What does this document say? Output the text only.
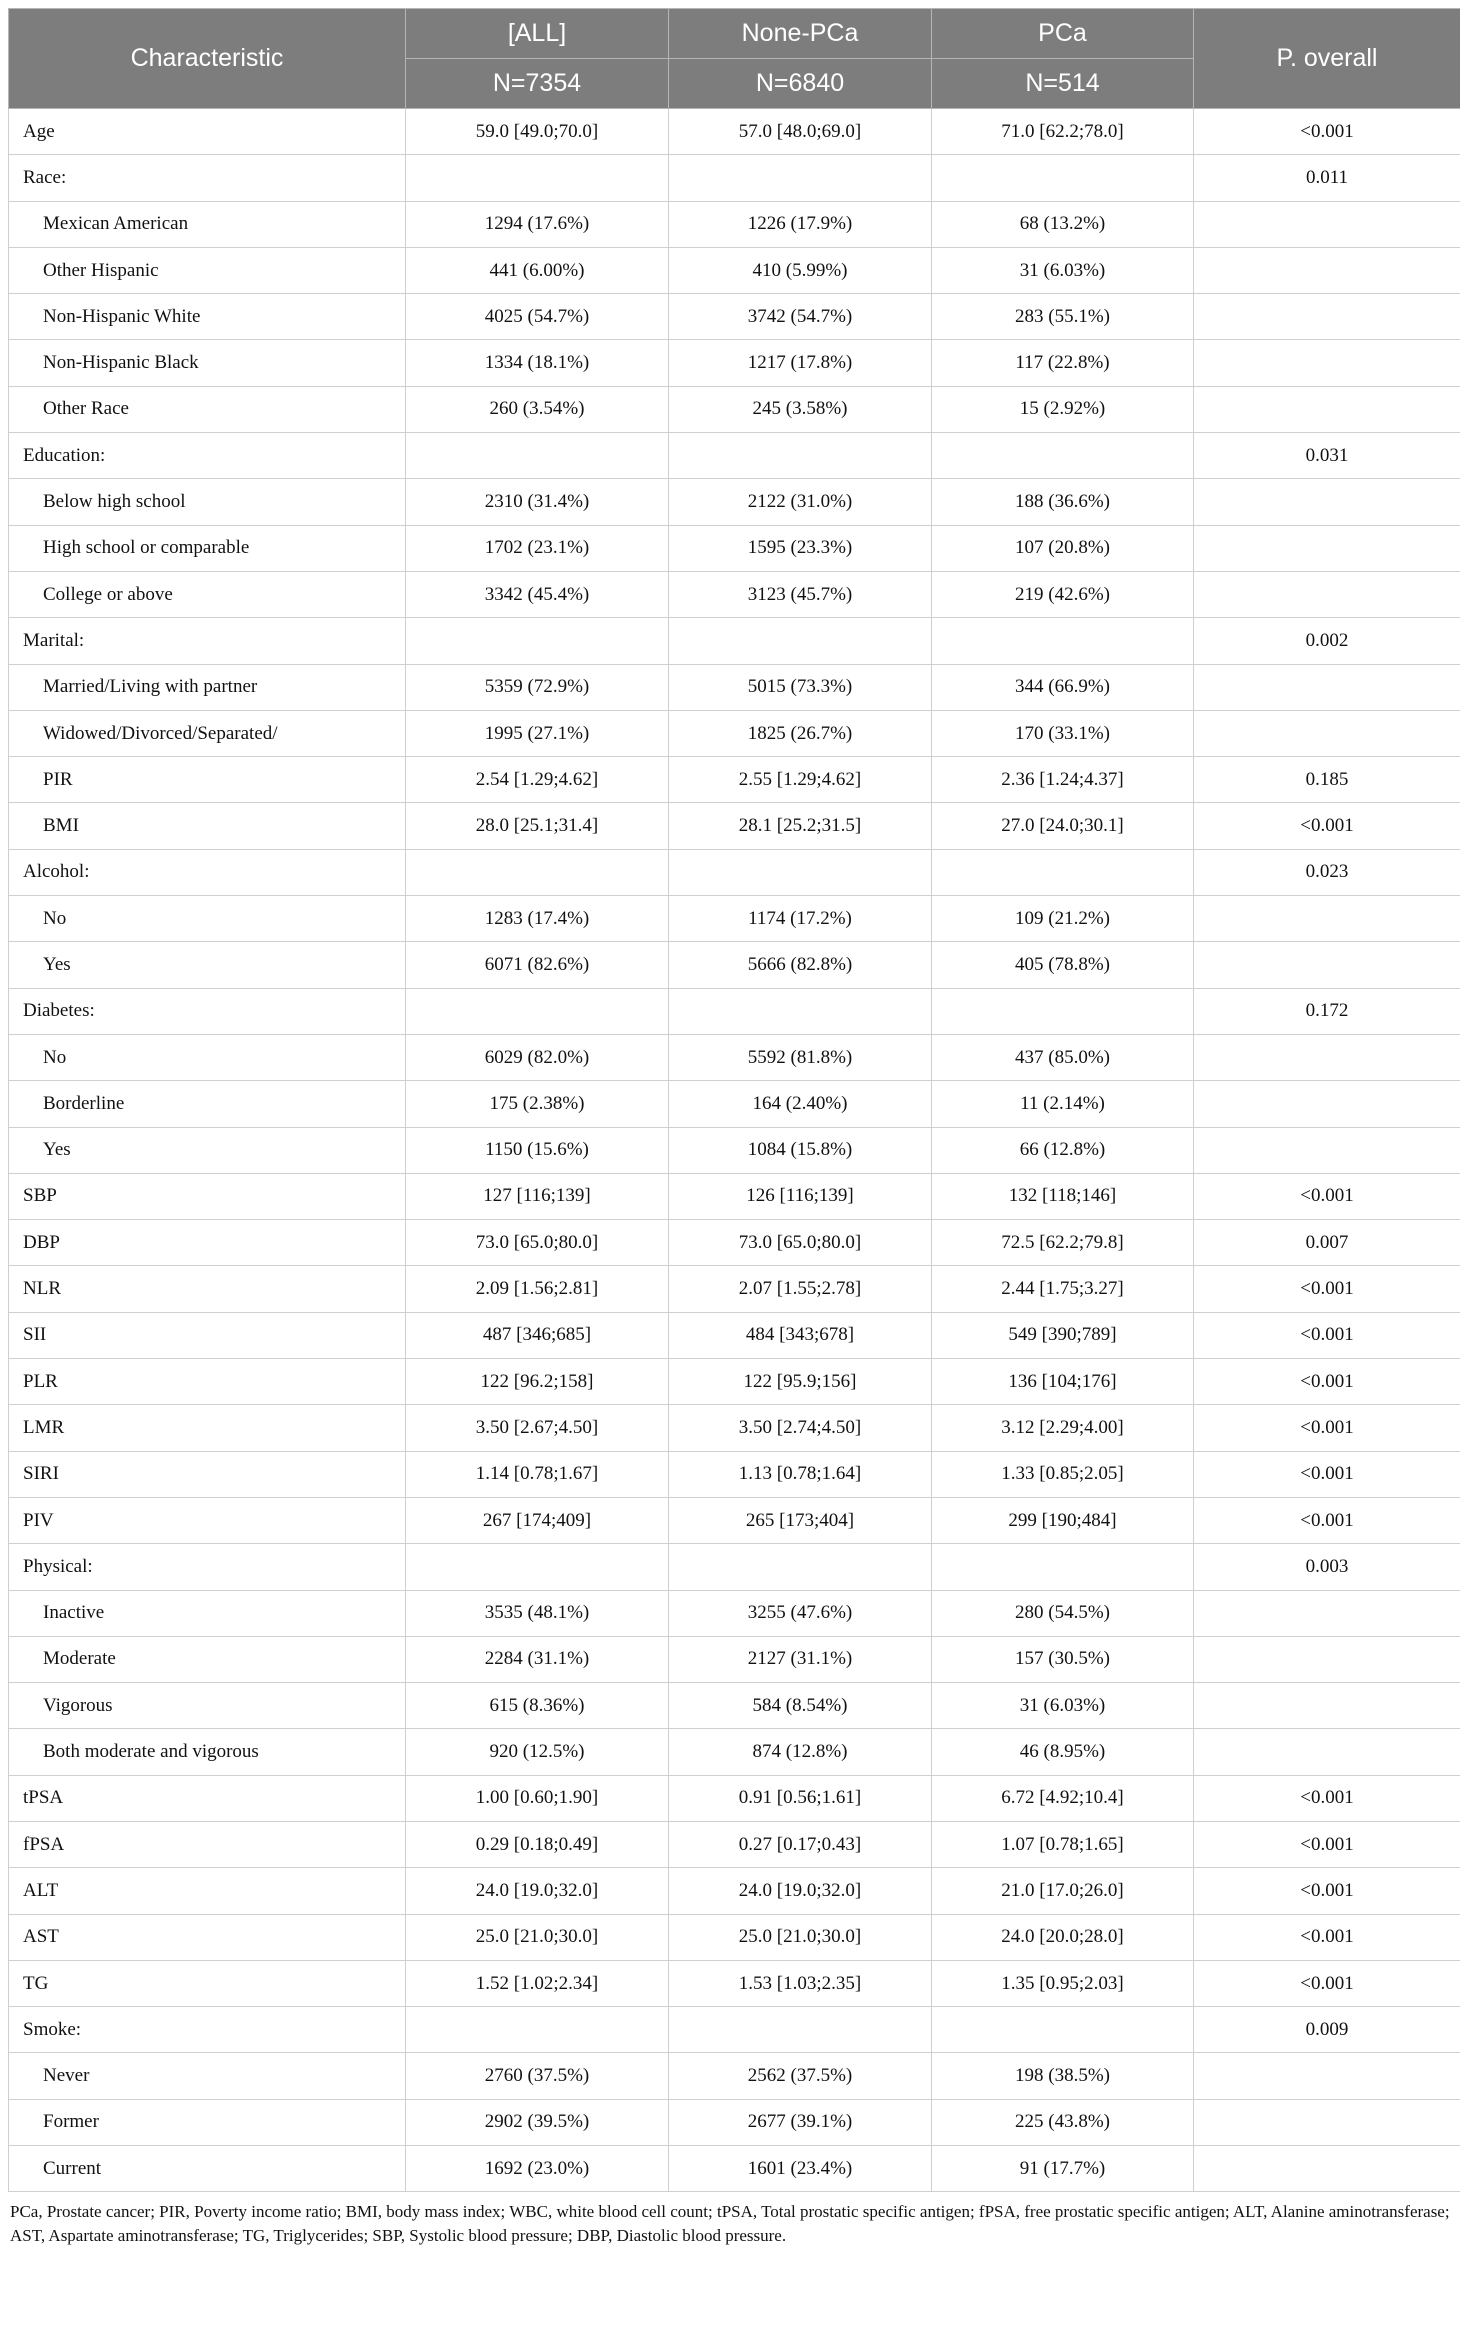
Characteristic	[ALL]	None-PCa	PCa	P. overall
	N=7354	N=6840	N=514	
Age	59.0 [49.0;70.0]	57.0 [48.0;69.0]	71.0 [62.2;78.0]	<0.001
Race:				0.011
Mexican American	1294 (17.6%)	1226 (17.9%)	68 (13.2%)	
Other Hispanic	441 (6.00%)	410 (5.99%)	31 (6.03%)	
Non-Hispanic White	4025 (54.7%)	3742 (54.7%)	283 (55.1%)	
Non-Hispanic Black	1334 (18.1%)	1217 (17.8%)	117 (22.8%)	
Other Race	260 (3.54%)	245 (3.58%)	15 (2.92%)	
Education:				0.031
Below high school	2310 (31.4%)	2122 (31.0%)	188 (36.6%)	
High school or comparable	1702 (23.1%)	1595 (23.3%)	107 (20.8%)	
College or above	3342 (45.4%)	3123 (45.7%)	219 (42.6%)	
Marital:				0.002
Married/Living with partner	5359 (72.9%)	5015 (73.3%)	344 (66.9%)	
Widowed/Divorced/Separated/	1995 (27.1%)	1825 (26.7%)	170 (33.1%)	
PIR	2.54 [1.29;4.62]	2.55 [1.29;4.62]	2.36 [1.24;4.37]	0.185
BMI	28.0 [25.1;31.4]	28.1 [25.2;31.5]	27.0 [24.0;30.1]	<0.001
Alcohol:				0.023
No	1283 (17.4%)	1174 (17.2%)	109 (21.2%)	
Yes	6071 (82.6%)	5666 (82.8%)	405 (78.8%)	
Diabetes:				0.172
No	6029 (82.0%)	5592 (81.8%)	437 (85.0%)	
Borderline	175 (2.38%)	164 (2.40%)	11 (2.14%)	
Yes	1150 (15.6%)	1084 (15.8%)	66 (12.8%)	
SBP	127 [116;139]	126 [116;139]	132 [118;146]	<0.001
DBP	73.0 [65.0;80.0]	73.0 [65.0;80.0]	72.5 [62.2;79.8]	0.007
NLR	2.09 [1.56;2.81]	2.07 [1.55;2.78]	2.44 [1.75;3.27]	<0.001
SII	487 [346;685]	484 [343;678]	549 [390;789]	<0.001
PLR	122 [96.2;158]	122 [95.9;156]	136 [104;176]	<0.001
LMR	3.50 [2.67;4.50]	3.50 [2.74;4.50]	3.12 [2.29;4.00]	<0.001
SIRI	1.14 [0.78;1.67]	1.13 [0.78;1.64]	1.33 [0.85;2.05]	<0.001
PIV	267 [174;409]	265 [173;404]	299 [190;484]	<0.001
Physical:				0.003
Inactive	3535 (48.1%)	3255 (47.6%)	280 (54.5%)	
Moderate	2284 (31.1%)	2127 (31.1%)	157 (30.5%)	
Vigorous	615 (8.36%)	584 (8.54%)	31 (6.03%)	
Both moderate and vigorous	920 (12.5%)	874 (12.8%)	46 (8.95%)	
tPSA	1.00 [0.60;1.90]	0.91 [0.56;1.61]	6.72 [4.92;10.4]	<0.001
fPSA	0.29 [0.18;0.49]	0.27 [0.17;0.43]	1.07 [0.78;1.65]	<0.001
ALT	24.0 [19.0;32.0]	24.0 [19.0;32.0]	21.0 [17.0;26.0]	<0.001
AST	25.0 [21.0;30.0]	25.0 [21.0;30.0]	24.0 [20.0;28.0]	<0.001
TG	1.52 [1.02;2.34]	1.53 [1.03;2.35]	1.35 [0.95;2.03]	<0.001
Smoke:				0.009
Never	2760 (37.5%)	2562 (37.5%)	198 (38.5%)	
Former	2902 (39.5%)	2677 (39.1%)	225 (43.8%)	
Current	1692 (23.0%)	1601 (23.4%)	91 (17.7%)	
PCa, Prostate cancer; PIR, Poverty income ratio; BMI, body mass index; WBC, white blood cell count; tPSA, Total prostatic specific antigen; fPSA, free prostatic specific antigen; ALT, Alanine aminotransferase; AST, Aspartate aminotransferase; TG, Triglycerides; SBP, Systolic blood pressure; DBP, Diastolic blood pressure.
